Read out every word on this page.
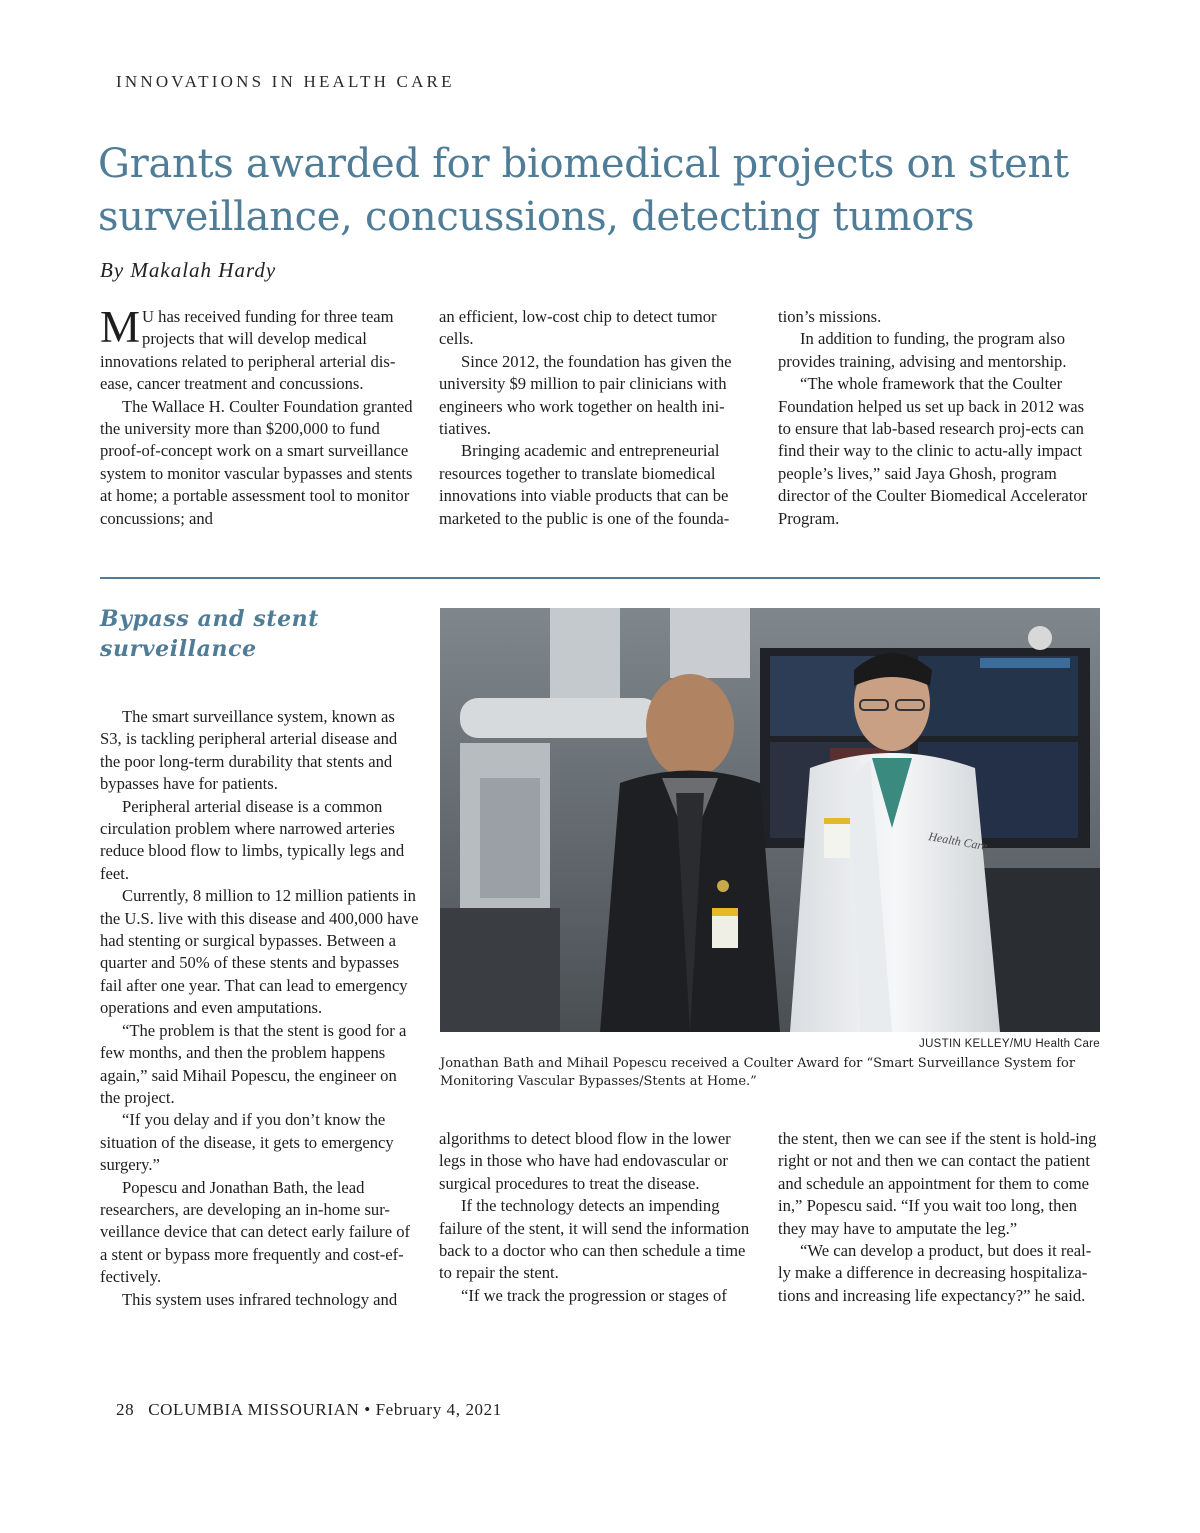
INNOVATIONS IN HEALTH CARE
Grants awarded for biomedical projects on stent surveillance, concussions, detecting tumors
By Makalah Hardy

M U has received funding for three team projects that will develop medical innovations related to peripheral arterial dis-ease, cancer treatment and concussions.

The Wallace H. Coulter Foundation granted the university more than $200,000 to fund proof-of-concept work on a smart surveillance system to monitor vascular bypasses and stents at home; a portable assessment tool to monitor concussions; and

an efficient, low-cost chip to detect tumor cells.

Since 2012, the foundation has given the university $9 million to pair clinicians with engineers who work together on health ini-tiatives.

Bringing academic and entrepreneurial resources together to translate biomedical innovations into viable products that can be marketed to the public is one of the founda-

tion’s missions.

In addition to funding, the program also provides training, advising and mentorship.

“The whole framework that the Coulter Foundation helped us set up back in 2012 was to ensure that lab-based research proj-ects can find their way to the clinic to actu-ally impact people’s lives,” said Jaya Ghosh, program director of the Coulter Biomedical Accelerator Program.

Bypass and stent surveillance

The smart surveillance system, known as S3, is tackling peripheral arterial disease and the poor long-term durability that stents and bypasses have for patients.

Peripheral arterial disease is a common circulation problem where narrowed arteries reduce blood flow to limbs, typically legs and feet.

Currently, 8 million to 12 million patients in the U.S. live with this disease and 400,000 have had stenting or surgical bypasses. Between a quarter and 50% of these stents and bypasses fail after one year. That can lead to emergency operations and even amputations.

“The problem is that the stent is good for a few months, and then the problem happens again,” said Mihail Popescu, the engineer on the project.

“If you delay and if you don’t know the situation of the disease, it gets to emergency surgery.”

Popescu and Jonathan Bath, the lead researchers, are developing an in-home sur-veillance device that can detect early failure of a stent or bypass more frequently and cost-ef-fectively.

This system uses infrared technology and

Health Care
JUSTIN KELLEY/MU Health Care
Jonathan Bath and Mihail Popescu received a Coulter Award for “Smart Surveillance System for Monitoring Vascular Bypasses/Stents at Home.”

algorithms to detect blood flow in the lower legs in those who have had endovascular or surgical procedures to treat the disease.

If the technology detects an impending failure of the stent, it will send the information back to a doctor who can then schedule a time to repair the stent.

“If we track the progression or stages of

the stent, then we can see if the stent is hold-ing right or not and then we can contact the patient and schedule an appointment for them to come in,” Popescu said. “If you wait too long, then they may have to amputate the leg.”

“We can develop a product, but does it real-ly make a difference in decreasing hospitaliza-tions and increasing life expectancy?” he said.

28 COLUMBIA MISSOURIAN • February 4, 2021
